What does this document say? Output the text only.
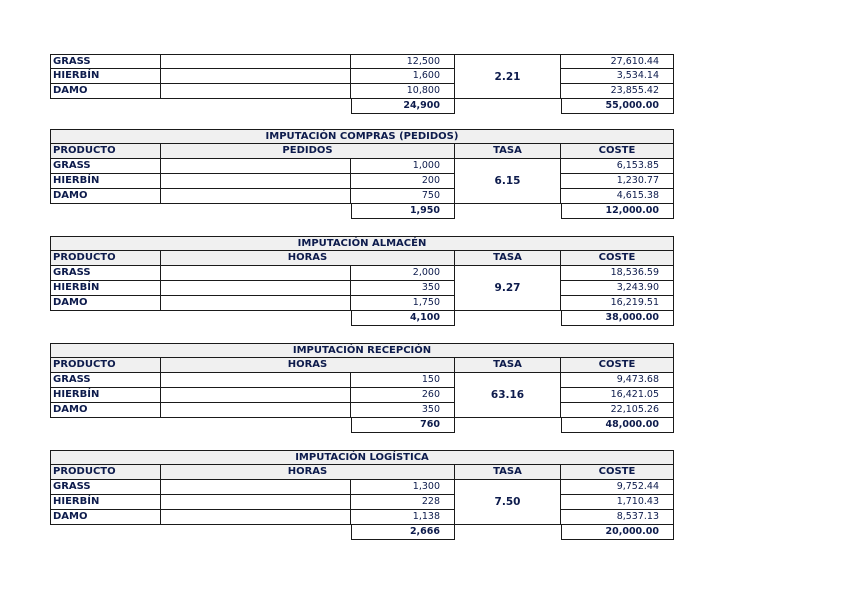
GRASS	12,500	27,610.44
HIERBÍN	1,600	3,534.14
DAMO	10,800	23,855.42
2.21
24,900	55,000.00
IMPUTACIÓN COMPRAS (PEDIDOS)
PRODUCTO	PEDIDOS	TASA	COSTE
GRASS	1,000	6,153.85
HIERBÍN	200	1,230.77
DAMO	750	4,615.38
6.15
1,950	12,000.00
IMPUTACIÓN ALMACÉN
PRODUCTO	HORAS	TASA	COSTE
GRASS	2,000	18,536.59
HIERBÍN	350	3,243.90
DAMO	1,750	16,219.51
9.27
4,100	38,000.00
IMPUTACIÓN RECEPCIÓN
PRODUCTO	HORAS	TASA	COSTE
GRASS	150	9,473.68
HIERBÍN	260	16,421.05
DAMO	350	22,105.26
63.16
760	48,000.00
IMPUTACIÓN LOGÍSTICA
PRODUCTO	HORAS	TASA	COSTE
GRASS	1,300	9,752.44
HIERBÍN	228	1,710.43
DAMO	1,138	8,537.13
7.50
2,666	20,000.00
